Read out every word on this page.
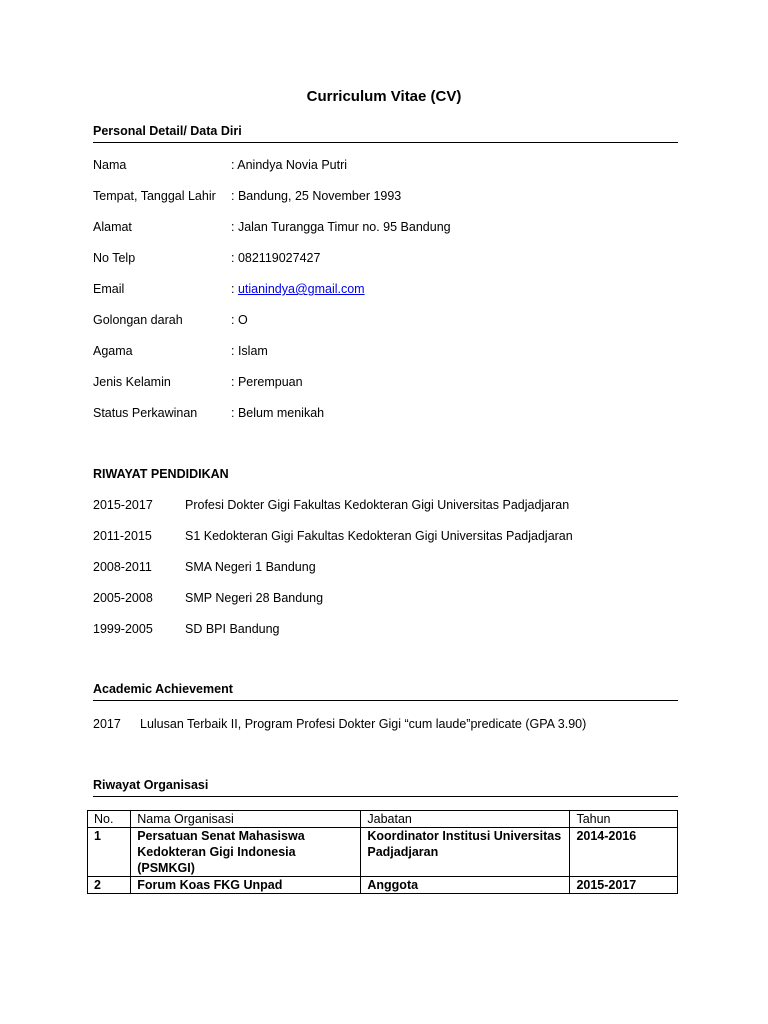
Curriculum Vitae (CV)
Personal Detail/ Data Diri
Nama	: Anindya Novia Putri
Tempat, Tanggal Lahir : Bandung, 25 November 1993
Alamat	: Jalan Turangga Timur no. 95 Bandung
No Telp	: 082119027427
Email	: utianindya@gmail.com
Golongan darah	: O
Agama	: Islam
Jenis Kelamin	: Perempuan
Status Perkawinan	: Belum menikah
RIWAYAT PENDIDIKAN
2015-2017	Profesi Dokter Gigi Fakultas Kedokteran Gigi Universitas Padjadjaran
2011-2015	S1 Kedokteran Gigi Fakultas Kedokteran Gigi Universitas Padjadjaran
2008-2011	SMA Negeri 1 Bandung
2005-2008	SMP Negeri 28 Bandung
1999-2005	SD BPI Bandung
Academic Achievement
2017 Lulusan Terbaik II, Program Profesi Dokter Gigi “cum laude”predicate (GPA 3.90)
Riwayat Organisasi
No.	Nama Organisasi	Jabatan	Tahun
1	Persatuan Senat Mahasiswa Kedokteran Gigi Indonesia (PSMKGI)	Koordinator Institusi Universitas Padjadjaran	2014-2016
2	Forum Koas FKG Unpad	Anggota	2015-2017
